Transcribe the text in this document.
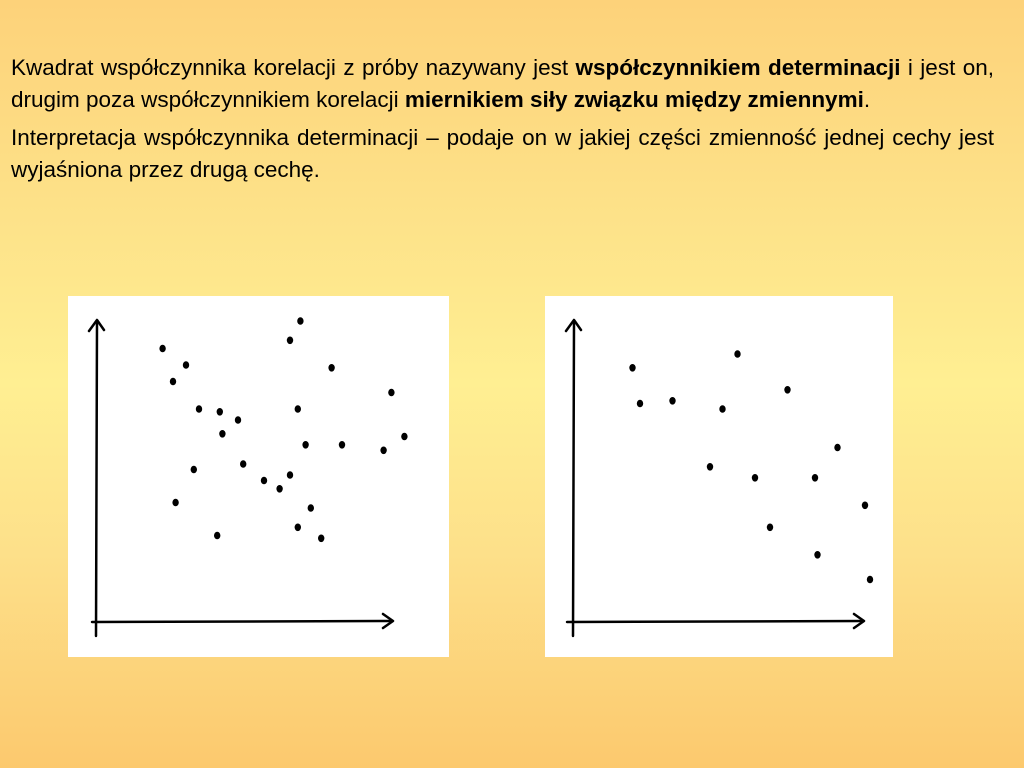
Kwadrat współczynnika korelacji z próby nazywany jest współczynnikiem determinacji i jest on, drugim poza współczynnikiem korelacji miernikiem siły związku między zmiennymi.

Interpretacja współczynnika determinacji – podaje on w jakiej części zmienność jednej cechy jest wyjaśniona przez drugą cechę.
